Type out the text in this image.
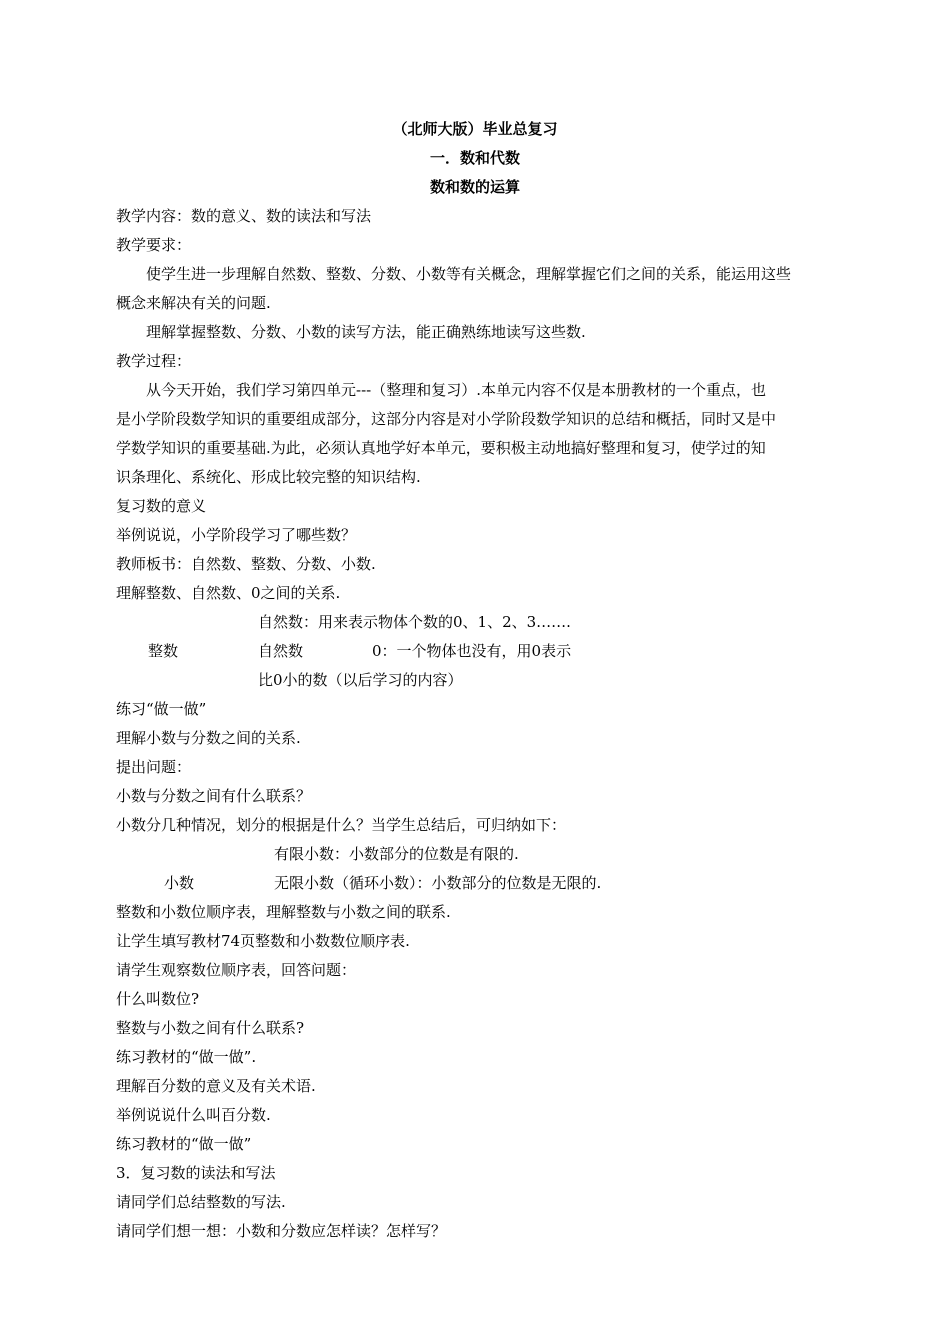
（北师大版）毕业总复习
一．数和代数
数和数的运算
教学内容：数的意义、数的读法和写法
教学要求：
使学生进一步理解自然数、整数、分数、小数等有关概念，理解掌握它们之间的关系，能运用这些
概念来解决有关的问题.
理解掌握整数、分数、小数的读写方法，能正确熟练地读写这些数.
教学过程：
从今天开始，我们学习第四单元---（整理和复习）.本单元内容不仅是本册教材的一个重点，也
是小学阶段数学知识的重要组成部分，这部分内容是对小学阶段数学知识的总结和概括，同时又是中
学数学知识的重要基础.为此，必须认真地学好本单元，要积极主动地搞好整理和复习，使学过的知
识条理化、系统化、形成比较完整的知识结构.
复习数的意义
举例说说，小学阶段学习了哪些数？
教师板书：自然数、整数、分数、小数.
理解整数、自然数、0之间的关系.
自然数：用来表示物体个数的0、1、2、3…….
整数	自然数	0：一个物体也没有，用0表示
比0小的数（以后学习的内容）
练习“做一做”
理解小数与分数之间的关系.
提出问题：
小数与分数之间有什么联系？
小数分几种情况，划分的根据是什么？当学生总结后，可归纳如下：
有限小数：小数部分的位数是有限的.
小数	无限小数（循环小数）：小数部分的位数是无限的.
整数和小数位顺序表，理解整数与小数之间的联系.
让学生填写教材74页整数和小数数位顺序表.
请学生观察数位顺序表，回答问题：
什么叫数位?
整数与小数之间有什么联系?
练习教材的“做一做”.
理解百分数的意义及有关术语.
举例说说什么叫百分数.
练习教材的“做一做”
3．复习数的读法和写法
请同学们总结整数的写法.
请同学们想一想：小数和分数应怎样读？怎样写？
